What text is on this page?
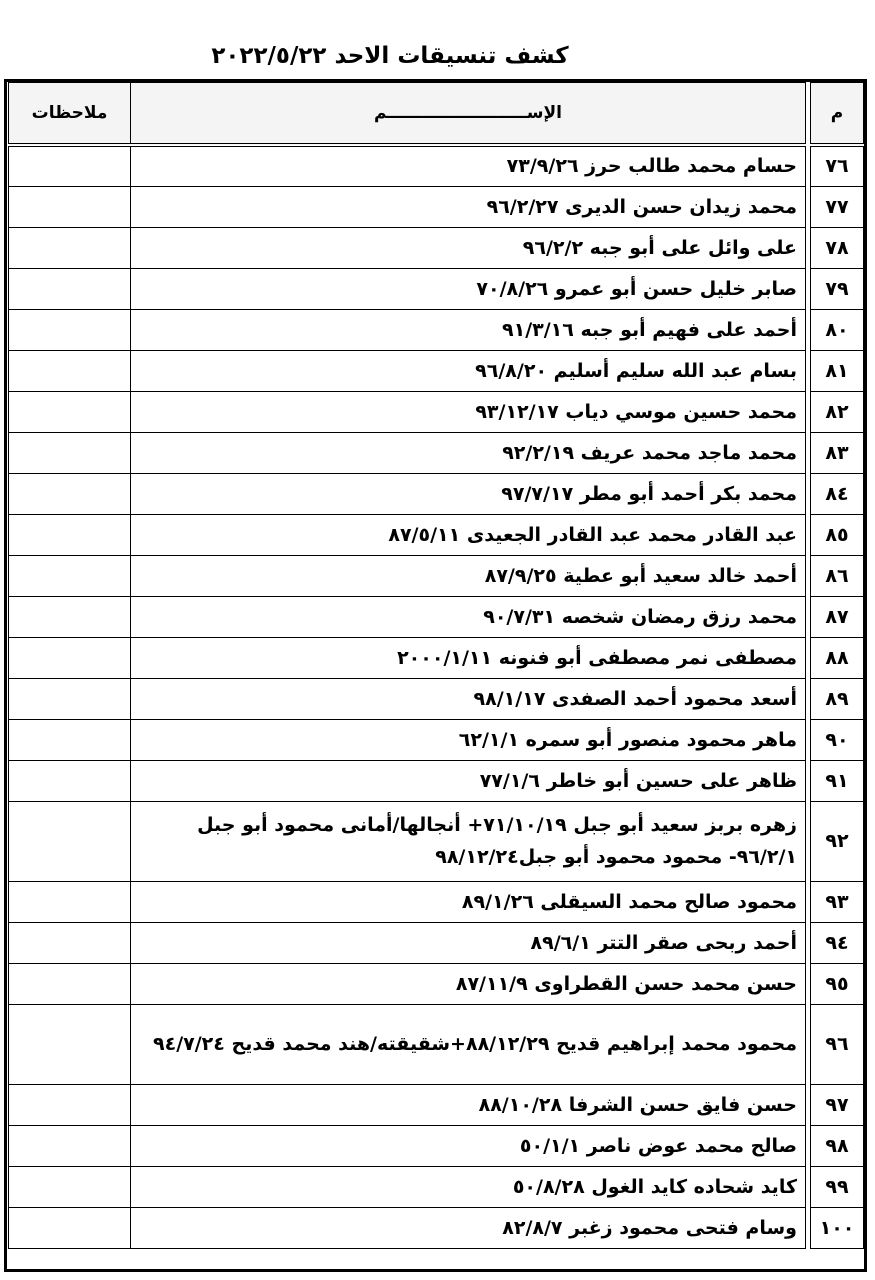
كشف تنسيقات الاحد ٢٠٢٢/٥/٢٢
م		الإســــــــــــــــــــــــم	ملاحظات
٧٦		حسام محمد طالب حرز ٧٣/٩/٢٦	
٧٧		محمد زيدان حسن الديرى ٩٦/٢/٢٧	
٧٨		على وائل على أبو جبه ٩٦/٢/٢	
٧٩		صابر خليل حسن أبو عمرو ٧٠/٨/٢٦	
٨٠		أحمد على فهيم أبو جبه ٩١/٣/١٦	
٨١		بسام عبد الله سليم أسليم ٩٦/٨/٢٠	
٨٢		محمد حسين موسي دياب ٩٣/١٢/١٧	
٨٣		محمد ماجد محمد عريف ٩٢/٢/١٩	
٨٤		محمد بكر أحمد أبو مطر ٩٧/٧/١٧	
٨٥		عبد القادر محمد عبد القادر الجعيدى ٨٧/٥/١١	
٨٦		أحمد خالد سعيد أبو عطية ٨٧/٩/٢٥	
٨٧		محمد رزق رمضان شخصه ٩٠/٧/٣١	
٨٨		مصطفى نمر مصطفى أبو فنونه ٢٠٠٠/١/١١	
٨٩		أسعد محمود أحمد الصفدى ٩٨/١/١٧	
٩٠		ماهر محمود منصور أبو سمره ٦٢/١/١	
٩١		ظاهر على حسين أبو خاطر ٧٧/١/٦	
٩٢		زهره بربز سعيد أبو جبل ٧١/١٠/١٩+ أنجالها/أمانى محمود أبو جبل ٩٦/٢/١- محمود محمود أبو جبل٩٨/١٢/٢٤	
٩٣		محمود صالح محمد السيقلى ٨٩/١/٢٦	
٩٤		أحمد ربحى صقر التتر ٨٩/٦/١	
٩٥		حسن محمد حسن القطراوى ٨٧/١١/٩	
٩٦		محمود محمد إبراهيم قديح ٨٨/١٢/٢٩+شقيقته/هند محمد قديح ٩٤/٧/٢٤	
٩٧		حسن فايق حسن الشرفا ٨٨/١٠/٢٨	
٩٨		صالح محمد عوض ناصر ٥٠/١/١	
٩٩		كايد شحاده كايد الغول ٥٠/٨/٢٨	
١٠٠		وسام فتحى محمود زغبر ٨٢/٨/٧	
